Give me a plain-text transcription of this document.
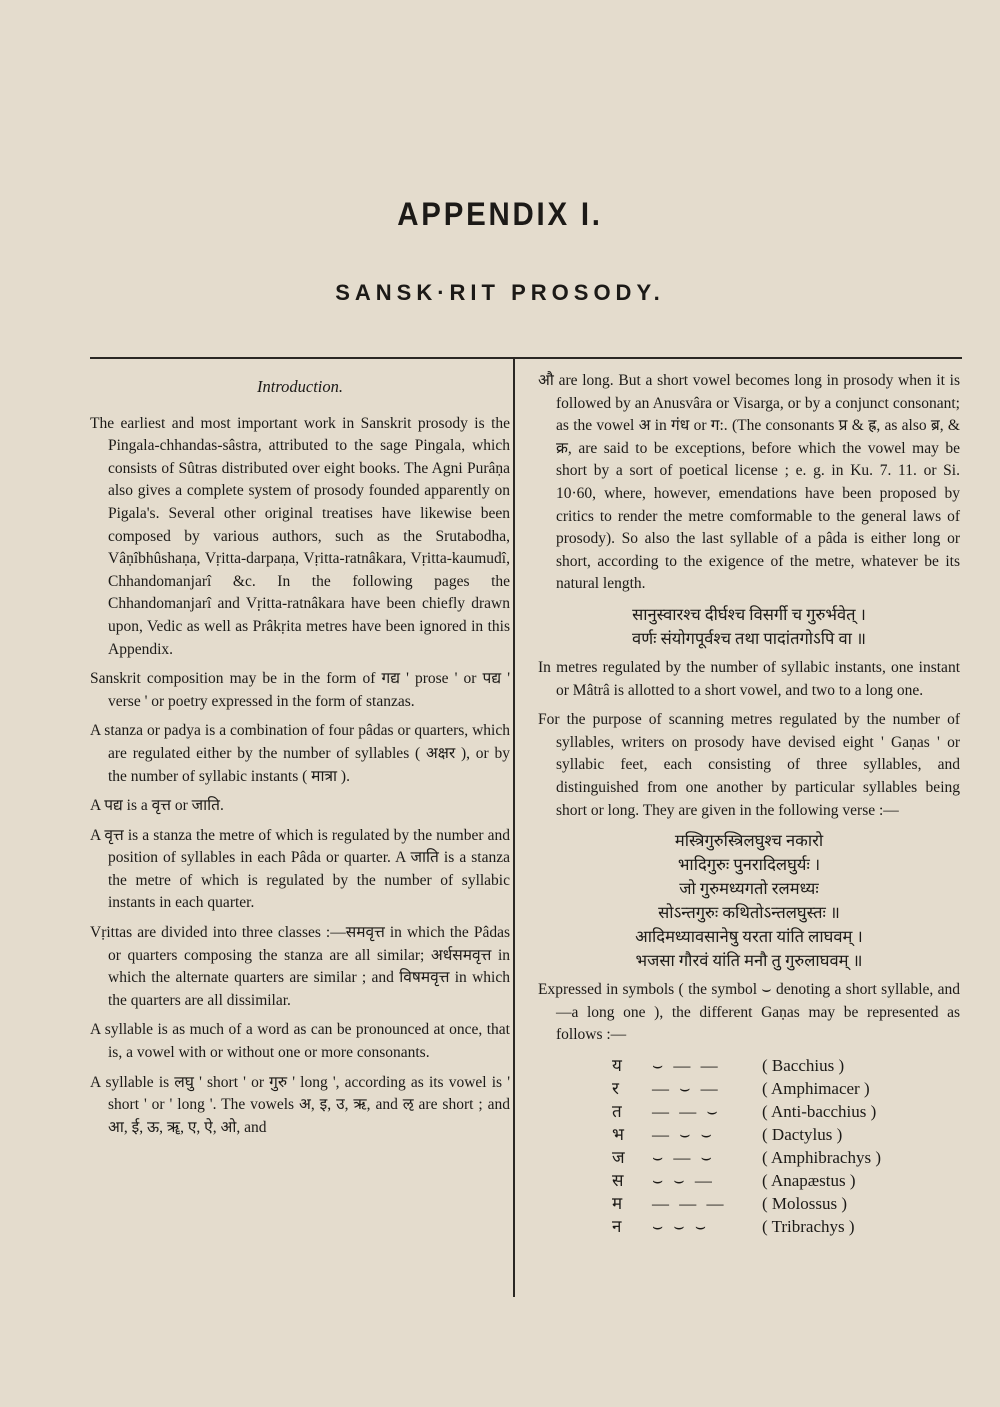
APPENDIX I.
SANSK·RIT PROSODY.

Introduction.

The earliest and most important work in Sanskrit prosody is the Pingala-chhandas-sâstra, attributed to the sage Pingala, which consists of Sûtras distributed over eight books. The Agni Purâṇa also gives a complete system of prosody founded apparently on Pigala's. Several other original treatises have likewise been composed by various authors, such as the Srutabodha, Vâṇîbhûshaṇa, Vṛitta-darpaṇa, Vṛitta-ratnâkara, Vṛitta-kaumudî, Chhandomanjarî &c. In the following pages the Chhandomanjarî and Vṛitta-ratnâkara have been chiefly drawn upon, Vedic as well as Prâkṛita metres have been ignored in this Appendix.

Sanskrit composition may be in the form of गद्य ' prose ' or पद्य ' verse ' or poetry expressed in the form of stanzas.

A stanza or padya is a combination of four pâdas or quarters, which are regulated either by the number of syllables ( अक्षर ), or by the number of syllabic instants ( मात्रा ).

A पद्य is a वृत्त or जाति.

A वृत्त is a stanza the metre of which is regulated by the number and position of syllables in each Pâda or quarter. A जाति is a stanza the metre of which is regulated by the number of syllabic instants in each quarter.

Vṛittas are divided into three classes :—समवृत्त in which the Pâdas or quarters composing the stanza are all similar; अर्धसमवृत्त in which the alternate quarters are similar ; and विषमवृत्त in which the quarters are all dissimilar.

A syllable is as much of a word as can be pronounced at once, that is, a vowel with or without one or more consonants.

A syllable is लघु ' short ' or गुरु ' long ', according as its vowel is ' short ' or ' long '. The vowels अ, इ, उ, ऋ, and ऌ are short ; and आ, ई, ऊ, ॠ, ए, ऐ, ओ, and

औ are long. But a short vowel becomes long in prosody when it is followed by an Anusvâra or Visarga, or by a conjunct consonant; as the vowel अ in गंध or ग:. (The consonants प्र & ह्र, as also ब्र, & क्र, are said to be exceptions, before which the vowel may be short by a sort of poetical license ; e. g. in Ku. 7. 11. or Si. 10·60, where, however, emendations have been proposed by critics to render the metre comformable to the general laws of prosody). So also the last syllable of a pâda is either long or short, according to the exigence of the metre, whatever be its natural length.

सानुस्वारश्च दीर्घश्च विसर्गी च गुरुर्भवेत् ।
वर्णः संयोगपूर्वश्च तथा पादांतगोऽपि वा ॥

In metres regulated by the number of syllabic instants, one instant or Mâtrâ is allotted to a short vowel, and two to a long one.

For the purpose of scanning metres regulated by the number of syllables, writers on prosody have devised eight ' Gaṇas ' or syllabic feet, each consisting of three syllables, and distinguished from one another by particular syllables being short or long. They are given in the following verse :—

मस्त्रिगुरुस्त्रिलघुश्च नकारो
भादिगुरुः पुनरादिलघुर्यः ।
जो गुरुमध्यगतो रलमध्यः
सोऽन्तगुरुः कथितोऽन्तलघुस्तः ॥
आदिमध्यावसानेषु यरता यांति लाघवम् ।
भजसा गौरवं यांति मनौ तु गुरुलाघवम् ॥

Expressed in symbols ( the symbol ⌣ denoting a short syllable, and —a long one ), the different Gaṇas may be represented as follows :—

य	⌣ — —	( Bacchius )
र	— ⌣ —	( Amphimacer )
त	— — ⌣	( Anti-bacchius )
भ	— ⌣ ⌣	( Dactylus )
ज	⌣ — ⌣	( Amphibrachys )
स	⌣ ⌣ —	( Anapæstus )
म	— — —	( Molossus )
न	⌣ ⌣ ⌣	( Tribrachys )
